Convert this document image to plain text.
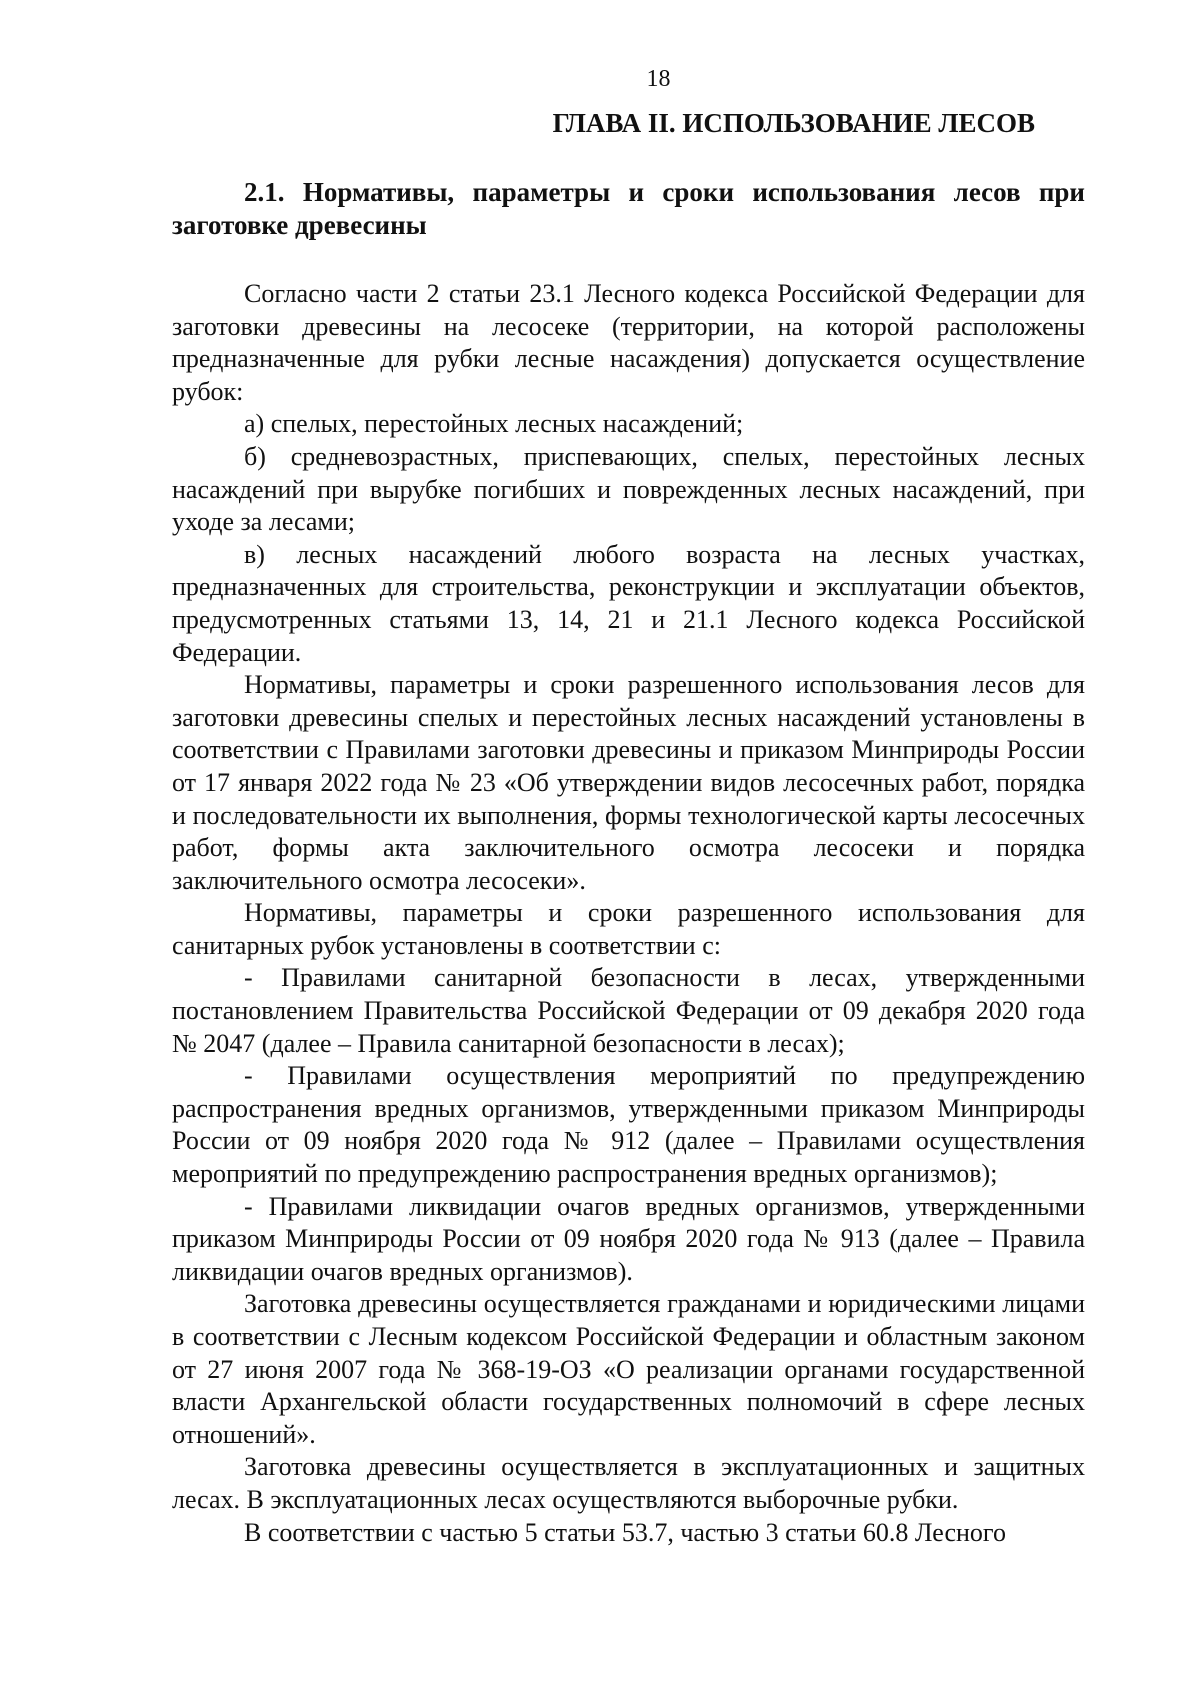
18
ГЛАВА II. ИСПОЛЬЗОВАНИЕ ЛЕСОВ
2.1. Нормативы, параметры и сроки использования лесов при заготовке древесины

Согласно части 2 статьи 23.1 Лесного кодекса Российской Федерации для заготовки древесины на лесосеке (территории, на которой расположены предназначенные для рубки лесные насаждения) допускается осуществление рубок:

а) спелых, перестойных лесных насаждений;

б) средневозрастных, приспевающих, спелых, перестойных лесных насаждений при вырубке погибших и поврежденных лесных насаждений, при уходе за лесами;

в) лесных насаждений любого возраста на лесных участках, предназначенных для строительства, реконструкции и эксплуатации объектов, предусмотренных статьями 13, 14, 21 и 21.1 Лесного кодекса Российской Федерации.

Нормативы, параметры и сроки разрешенного использования лесов для заготовки древесины спелых и перестойных лесных насаждений установлены в соответствии с Правилами заготовки древесины и приказом Минприроды России от 17 января 2022 года № 23 «Об утверждении видов лесосечных работ, порядка и последовательности их выполнения, формы технологической карты лесосечных работ, формы акта заключительного осмотра лесосеки и порядка заключительного осмотра лесосеки».

Нормативы, параметры и сроки разрешенного использования для санитарных рубок установлены в соответствии с:

- Правилами санитарной безопасности в лесах, утвержденными постановлением Правительства Российской Федерации от 09 декабря 2020 года № 2047 (далее – Правила санитарной безопасности в лесах);

- Правилами осуществления мероприятий по предупреждению распространения вредных организмов, утвержденными приказом Минприроды России от 09 ноября 2020 года № 912 (далее – Правилами осуществления мероприятий по предупреждению распространения вредных организмов);

- Правилами ликвидации очагов вредных организмов, утвержденными приказом Минприроды России от 09 ноября 2020 года № 913 (далее – Правила ликвидации очагов вредных организмов).

Заготовка древесины осуществляется гражданами и юридическими лицами в соответствии с Лесным кодексом Российской Федерации и областным законом от 27 июня 2007 года № 368-19-ОЗ «О реализации органами государственной власти Архангельской области государственных полномочий в сфере лесных отношений».

Заготовка древесины осуществляется в эксплуатационных и защитных лесах. В эксплуатационных лесах осуществляются выборочные рубки.

В соответствии с частью 5 статьи 53.7, частью 3 статьи 60.8 Лесного
